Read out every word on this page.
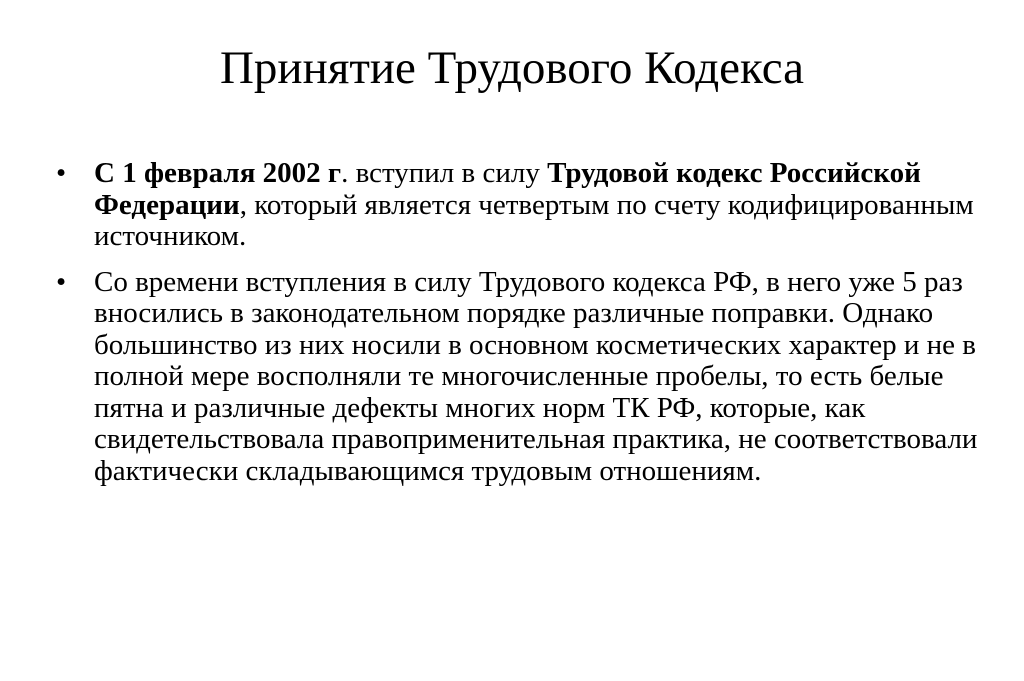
Принятие Трудового Кодекса
• С 1 февраля 2002 г. вступил в силу Трудовой кодекс Российской Федерации, который является четвертым по счету кодифицированным источником.
• Со времени вступления в силу Трудового кодекса РФ, в него уже 5 раз вносились в законодательном порядке различные поправки. Однако большинство из них носили в основном косметических характер и не в полной мере восполняли те многочисленные пробелы, то есть белые пятна и различные дефекты многих норм ТК РФ, которые, как свидетельствовала правоприменительная практика, не соответствовали фактически складывающимся трудовым отношениям.
